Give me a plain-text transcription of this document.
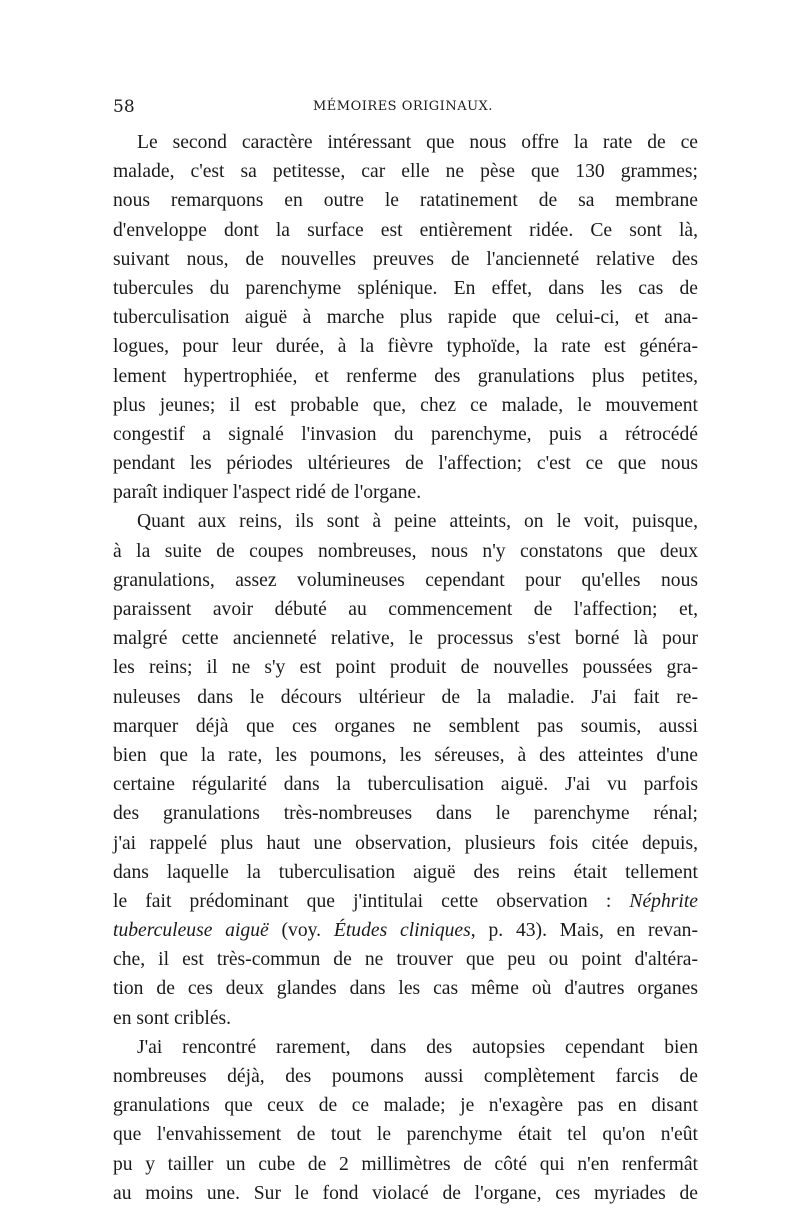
58	MÉMOIRES ORIGINAUX.
Le second caractère intéressant que nous offre la rate de ce
malade, c'est sa petitesse, car elle ne pèse que 130 grammes;
nous remarquons en outre le ratatinement de sa membrane
d'enveloppe dont la surface est entièrement ridée. Ce sont là,
suivant nous, de nouvelles preuves de l'ancienneté relative des
tubercules du parenchyme splénique. En effet, dans les cas de
tuberculisation aiguë à marche plus rapide que celui-ci, et ana-
logues, pour leur durée, à la fièvre typhoïde, la rate est généra-
lement hypertrophiée, et renferme des granulations plus petites,
plus jeunes; il est probable que, chez ce malade, le mouvement
congestif a signalé l'invasion du parenchyme, puis a rétrocédé
pendant les périodes ultérieures de l'affection; c'est ce que nous
paraît indiquer l'aspect ridé de l'organe.
Quant aux reins, ils sont à peine atteints, on le voit, puisque,
à la suite de coupes nombreuses, nous n'y constatons que deux
granulations, assez volumineuses cependant pour qu'elles nous
paraissent avoir débuté au commencement de l'affection; et,
malgré cette ancienneté relative, le processus s'est borné là pour
les reins; il ne s'y est point produit de nouvelles poussées gra-
nuleuses dans le décours ultérieur de la maladie. J'ai fait re-
marquer déjà que ces organes ne semblent pas soumis, aussi
bien que la rate, les poumons, les séreuses, à des atteintes d'une
certaine régularité dans la tuberculisation aiguë. J'ai vu parfois
des granulations très-nombreuses dans le parenchyme rénal;
j'ai rappelé plus haut une observation, plusieurs fois citée depuis,
dans laquelle la tuberculisation aiguë des reins était tellement
le fait prédominant que j'intitulai cette observation : Néphrite
tuberculeuse aiguë (voy. Études cliniques, p. 43). Mais, en revan-
che, il est très-commun de ne trouver que peu ou point d'altéra-
tion de ces deux glandes dans les cas même où d'autres organes
en sont criblés.
J'ai rencontré rarement, dans des autopsies cependant bien
nombreuses déjà, des poumons aussi complètement farcis de
granulations que ceux de ce malade; je n'exagère pas en disant
que l'envahissement de tout le parenchyme était tel qu'on n'eût
pu y tailler un cube de 2 millimètres de côté qui n'en renfermât
au moins une. Sur le fond violacé de l'organe, ces myriades de
